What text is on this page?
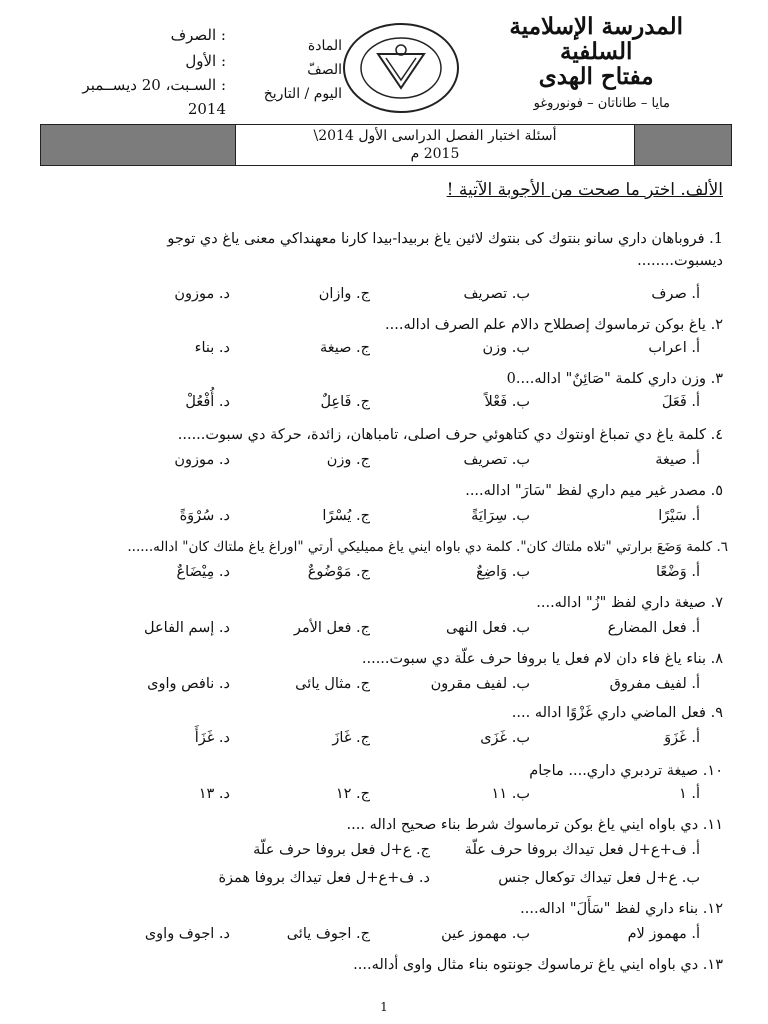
المدرسة الإسلامية
السلفية
مفتاح الهدى
مايا – طاناتان – فونوروغو
المادة
الصفّ
اليوم / التاريخ
: الصرف
: الأول
: السـبت، 20 ديســمبر
2014
أسئلة اختبار الفصل الدراسى الأول 2014\
2015 م
الألف. اختر ما صحت من الأجوبة الآتية !
1. فروباهان داري سانو بنتوك كى بنتوك لائين ياغ بربيدا-بيدا كارنا معهنداكي معنى ياغ دي توجو ديسبوت........
أ. صرف
ب. تصريف
ج. وازان
د. موزون
٢. ياغ بوكن ترماسوك إصطلاح دالام علم الصرف اداله....
أ. اعراب
ب. وزن
ج. صيغة
د. بناء
٣. وزن داري كلمة "صَائِنٌ" اداله....0
أ. فَعَلَ
ب. فَعْلاً
ج. فَاعِلٌ
د. أُفْعُلْ
٤. كلمة ياغ دي تمباغ اونتوك دي كتاهوئي حرف اصلى، تامباهان، زائدة، حركة دي سبوت......
أ. صيغة
ب. تصريف
ج. وزن
د. موزون
٥. مصدر غير ميم داري لفظ "سَارَ" اداله....
أ. سَيْرًا
ب. سِرَايَةً
ج. يُسْرًا
د. سُرْوَةً
٦. كلمة وَضَعَ برارتي "تلاه ملتاك كان". كلمة دي باواه ايني ياغ مميليكي أرتي "اوراغ ياغ ملتاك كان" اداله......
أ. وَضْعًا
ب. وَاضِعٌ
ج. مَوْضُوعٌ
د. مِيْضَاعٌ
٧. صيغة داري لفظ "زُ" اداله....
أ. فعل المضارع
ب. فعل النهى
ج. فعل الأمر
د. إسم الفاعل
٨. بناء ياغ فاء دان لام فعل يا بروفا حرف علّة دي سبوت......
أ. لفيف مفروق
ب. لفيف مقرون
ج. مثال يائى
د. نافص واوى
٩. فعل الماضي داري غَزْوًا اداله ....
أ. غَزَوَ
ب. غَزَى
ج. غَازَ
د. غَزَأَ
١٠. صيغة تردبري داري.... ماجام
أ. ١
ب. ١١
ج. ١٢
د. ١٣
١١. دي باواه ايني ياغ بوكن ترماسوك شرط بناء صحيح اداله ....
أ. ف+ع+ل فعل تيداك بروفا حرف علّة
ج. ع+ل فعل بروفا حرف علّة
ب. ع+ل فعل تيداك توكعال جنس
د. ف+ع+ل فعل تيداك بروفا همزة
١٢. بناء داري لفظ "سَأَلَ" اداله....
أ. مهموز لام
ب. مهموز عين
ج. اجوف يائى
د. اجوف واوى
١٣. دي باواه ايني ياغ ترماسوك جونتوه بناء مثال واوى أداله....
1
